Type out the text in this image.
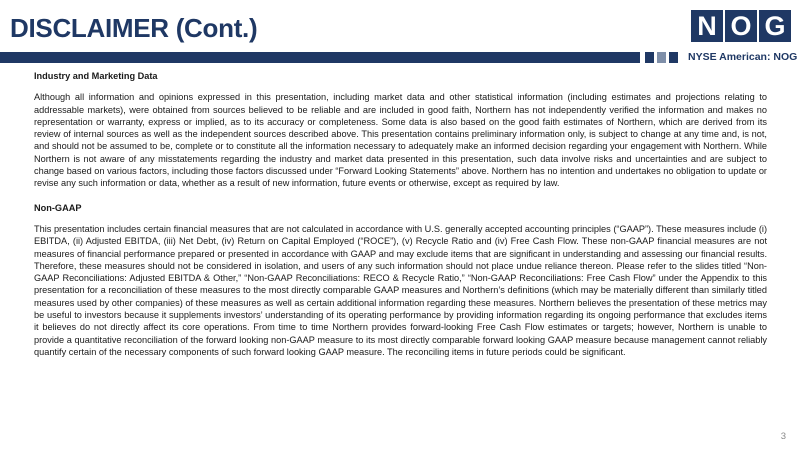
DISCLAIMER (Cont.)	N O G
NYSE American: NOG

Industry and Marketing Data

Although all information and opinions expressed in this presentation, including market data and other statistical information (including estimates and projections relating to addressable markets), were obtained from sources believed to be reliable and are included in good faith, Northern has not independently verified the information and makes no representation or warranty, express or implied, as to its accuracy or completeness. Some data is also based on the good faith estimates of Northern, which are derived from its review of internal sources as well as the independent sources described above. This presentation contains preliminary information only, is subject to change at any time and, is not, and should not be assumed to be, complete or to constitute all the information necessary to adequately make an informed decision regarding your engagement with Northern. While Northern is not aware of any misstatements regarding the industry and market data presented in this presentation, such data involve risks and uncertainties and are subject to change based on various factors, including those factors discussed under “Forward Looking Statements” above. Northern has no intention and undertakes no obligation to update or revise any such information or data, whether as a result of new information, future events or otherwise, except as required by law.

Non-GAAP

This presentation includes certain financial measures that are not calculated in accordance with U.S. generally accepted accounting principles (“GAAP”). These measures include (i) EBITDA, (ii) Adjusted EBITDA, (iii) Net Debt, (iv) Return on Capital Employed (“ROCE”), (v) Recycle Ratio and (iv) Free Cash Flow. These non-GAAP financial measures are not measures of financial performance prepared or presented in accordance with GAAP and may exclude items that are significant in understanding and assessing our financial results. Therefore, these measures should not be considered in isolation, and users of any such information should not place undue reliance thereon. Please refer to the slides titled “Non-GAAP Reconciliations: Adjusted EBITDA & Other,” “Non-GAAP Reconciliations: RECO & Recycle Ratio,” “Non-GAAP Reconciliations: Free Cash Flow” under the Appendix to this presentation for a reconciliation of these measures to the most directly comparable GAAP measures and Northern’s definitions (which may be materially different than similarly titled measures used by other companies) of these measures as well as certain additional information regarding these measures. Northern believes the presentation of these metrics may be useful to investors because it supplements investors’ understanding of its operating performance by providing information regarding its ongoing performance that excludes items it believes do not directly affect its core operations. From time to time Northern provides forward-looking Free Cash Flow estimates or targets; however, Northern is unable to provide a quantitative reconciliation of the forward looking non-GAAP measure to its most directly comparable forward looking GAAP measure because management cannot reliably quantify certain of the necessary components of such forward looking GAAP measure. The reconciling items in future periods could be significant.

3
